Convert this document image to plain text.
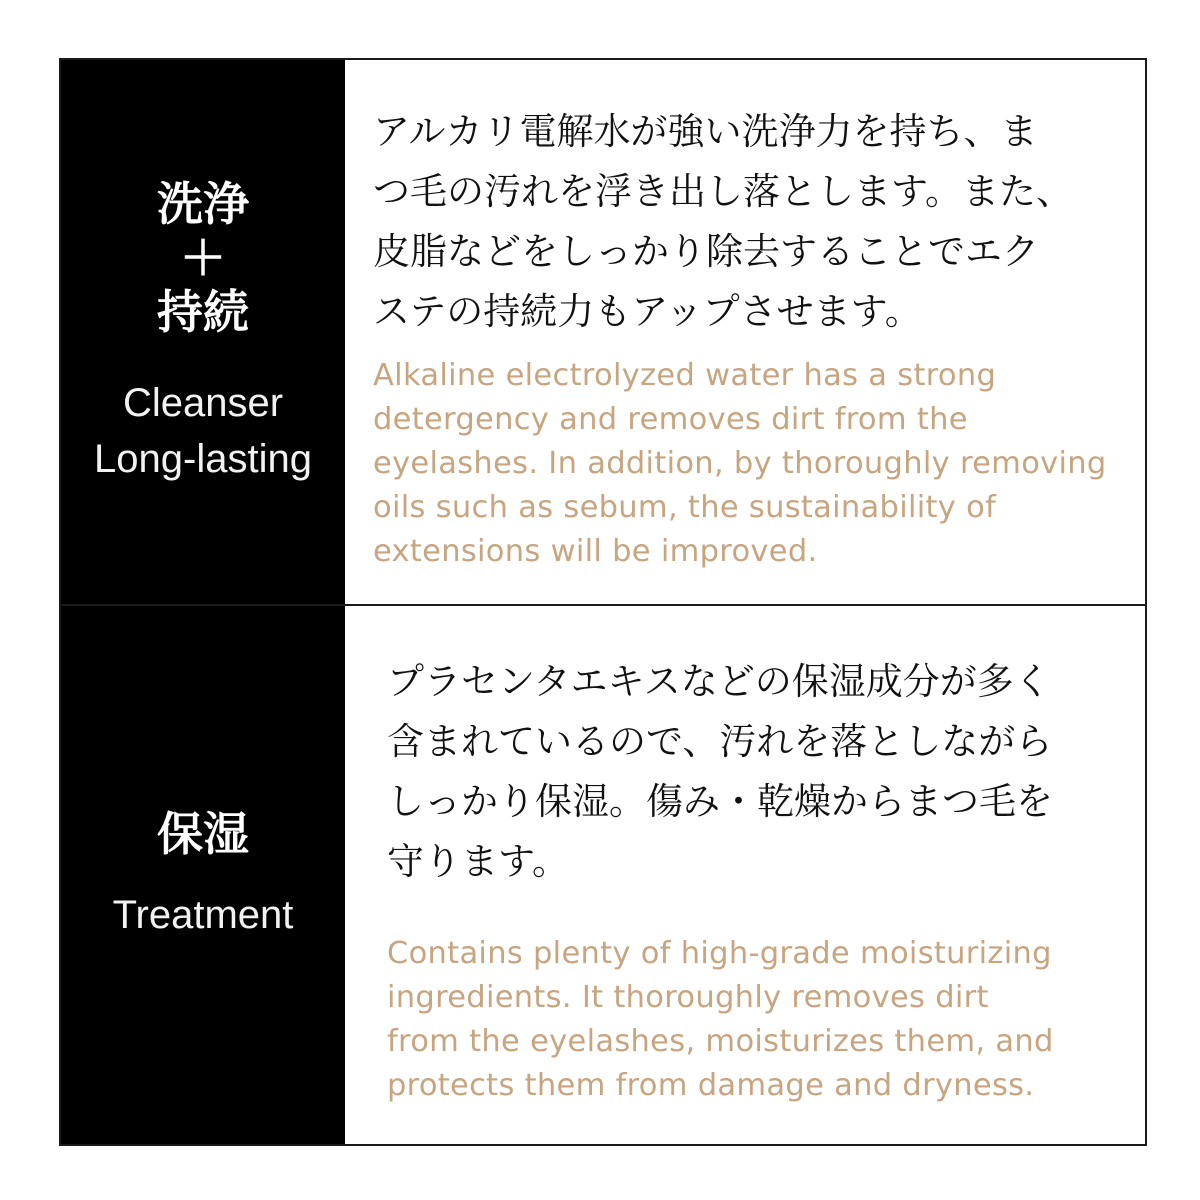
洗浄
＋
持続
Cleanser
Long-lasting

アルカリ電解水が強い洗浄力を持ち、ま
つ毛の汚れを浮き出し落とします。また、
皮脂などをしっかり除去することでエク
ステの持続力もアップさせます。

Alkaline electrolyzed water has a strong
detergency and removes dirt from the
eyelashes. In addition, by thoroughly removing
oils such as sebum, the sustainability of
extensions will be improved.

保湿
Treatment

プラセンタエキスなどの保湿成分が多く
含まれているので、汚れを落としながら
しっかり保湿。傷み・乾燥からまつ毛を
守ります。

Contains plenty of high-grade moisturizing
ingredients. It thoroughly removes dirt
from the eyelashes, moisturizes them, and
protects them from damage and dryness.
